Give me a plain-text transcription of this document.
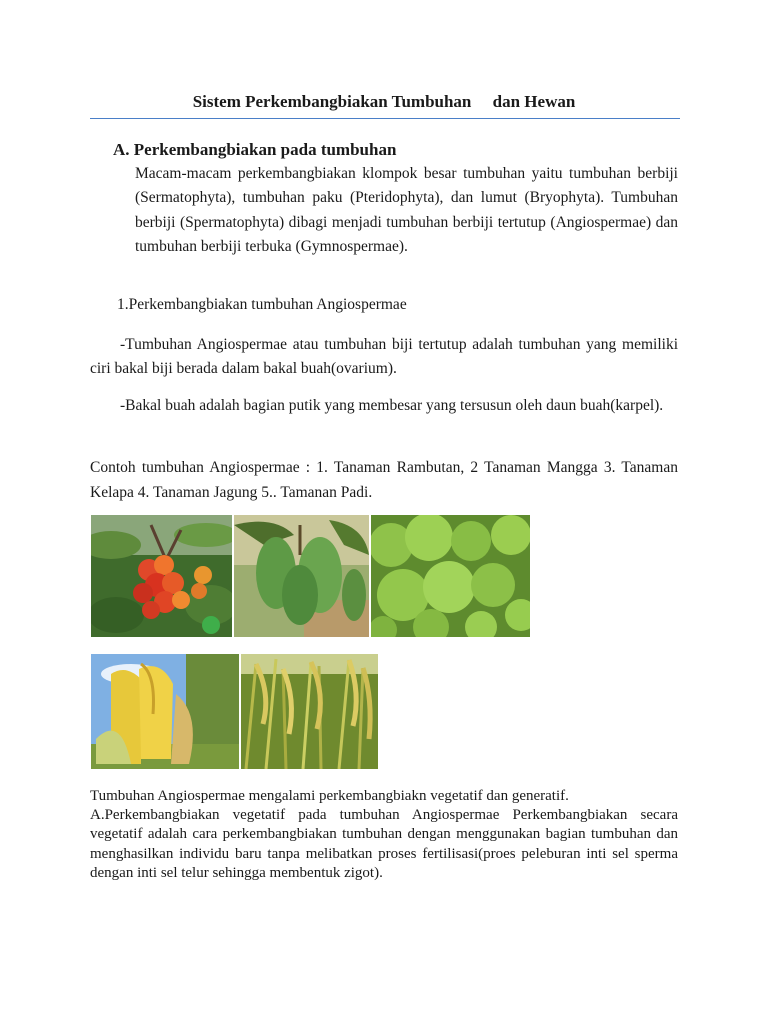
Sistem Perkembangbiakan Tumbuhan     dan Hewan
A. Perkembangbiakan pada tumbuhan
Macam-macam perkembangbiakan klompok besar tumbuhan yaitu tumbuhan berbiji (Sermatophyta), tumbuhan paku (Pteridophyta), dan lumut (Bryophyta). Tumbuhan berbiji (Spermatophyta) dibagi menjadi tumbuhan berbiji tertutup (Angiospermae) dan tumbuhan berbiji terbuka (Gymnospermae).
1.Perkembangbiakan tumbuhan Angiospermae
-Tumbuhan Angiospermae atau tumbuhan biji tertutup adalah tumbuhan yang memiliki ciri bakal biji berada dalam bakal buah(ovarium).
-Bakal buah adalah bagian putik yang membesar yang tersusun oleh daun buah(karpel).
Contoh tumbuhan Angiospermae : 1. Tanaman Rambutan, 2 Tanaman Mangga 3. Tanaman Kelapa 4. Tanaman Jagung 5.. Tamanan Padi.

Tumbuhan Angiospermae mengalami perkembangbiakn vegetatif dan generatif.

A.Perkembangbiakan vegetatif pada tumbuhan Angiospermae Perkembangbiakan secara vegetatif adalah cara perkembangbiakan tumbuhan dengan menggunakan bagian tumbuhan dan menghasilkan individu baru tanpa melibatkan proses fertilisasi(proes peleburan inti sel sperma dengan inti sel telur sehingga membentuk zigot).
